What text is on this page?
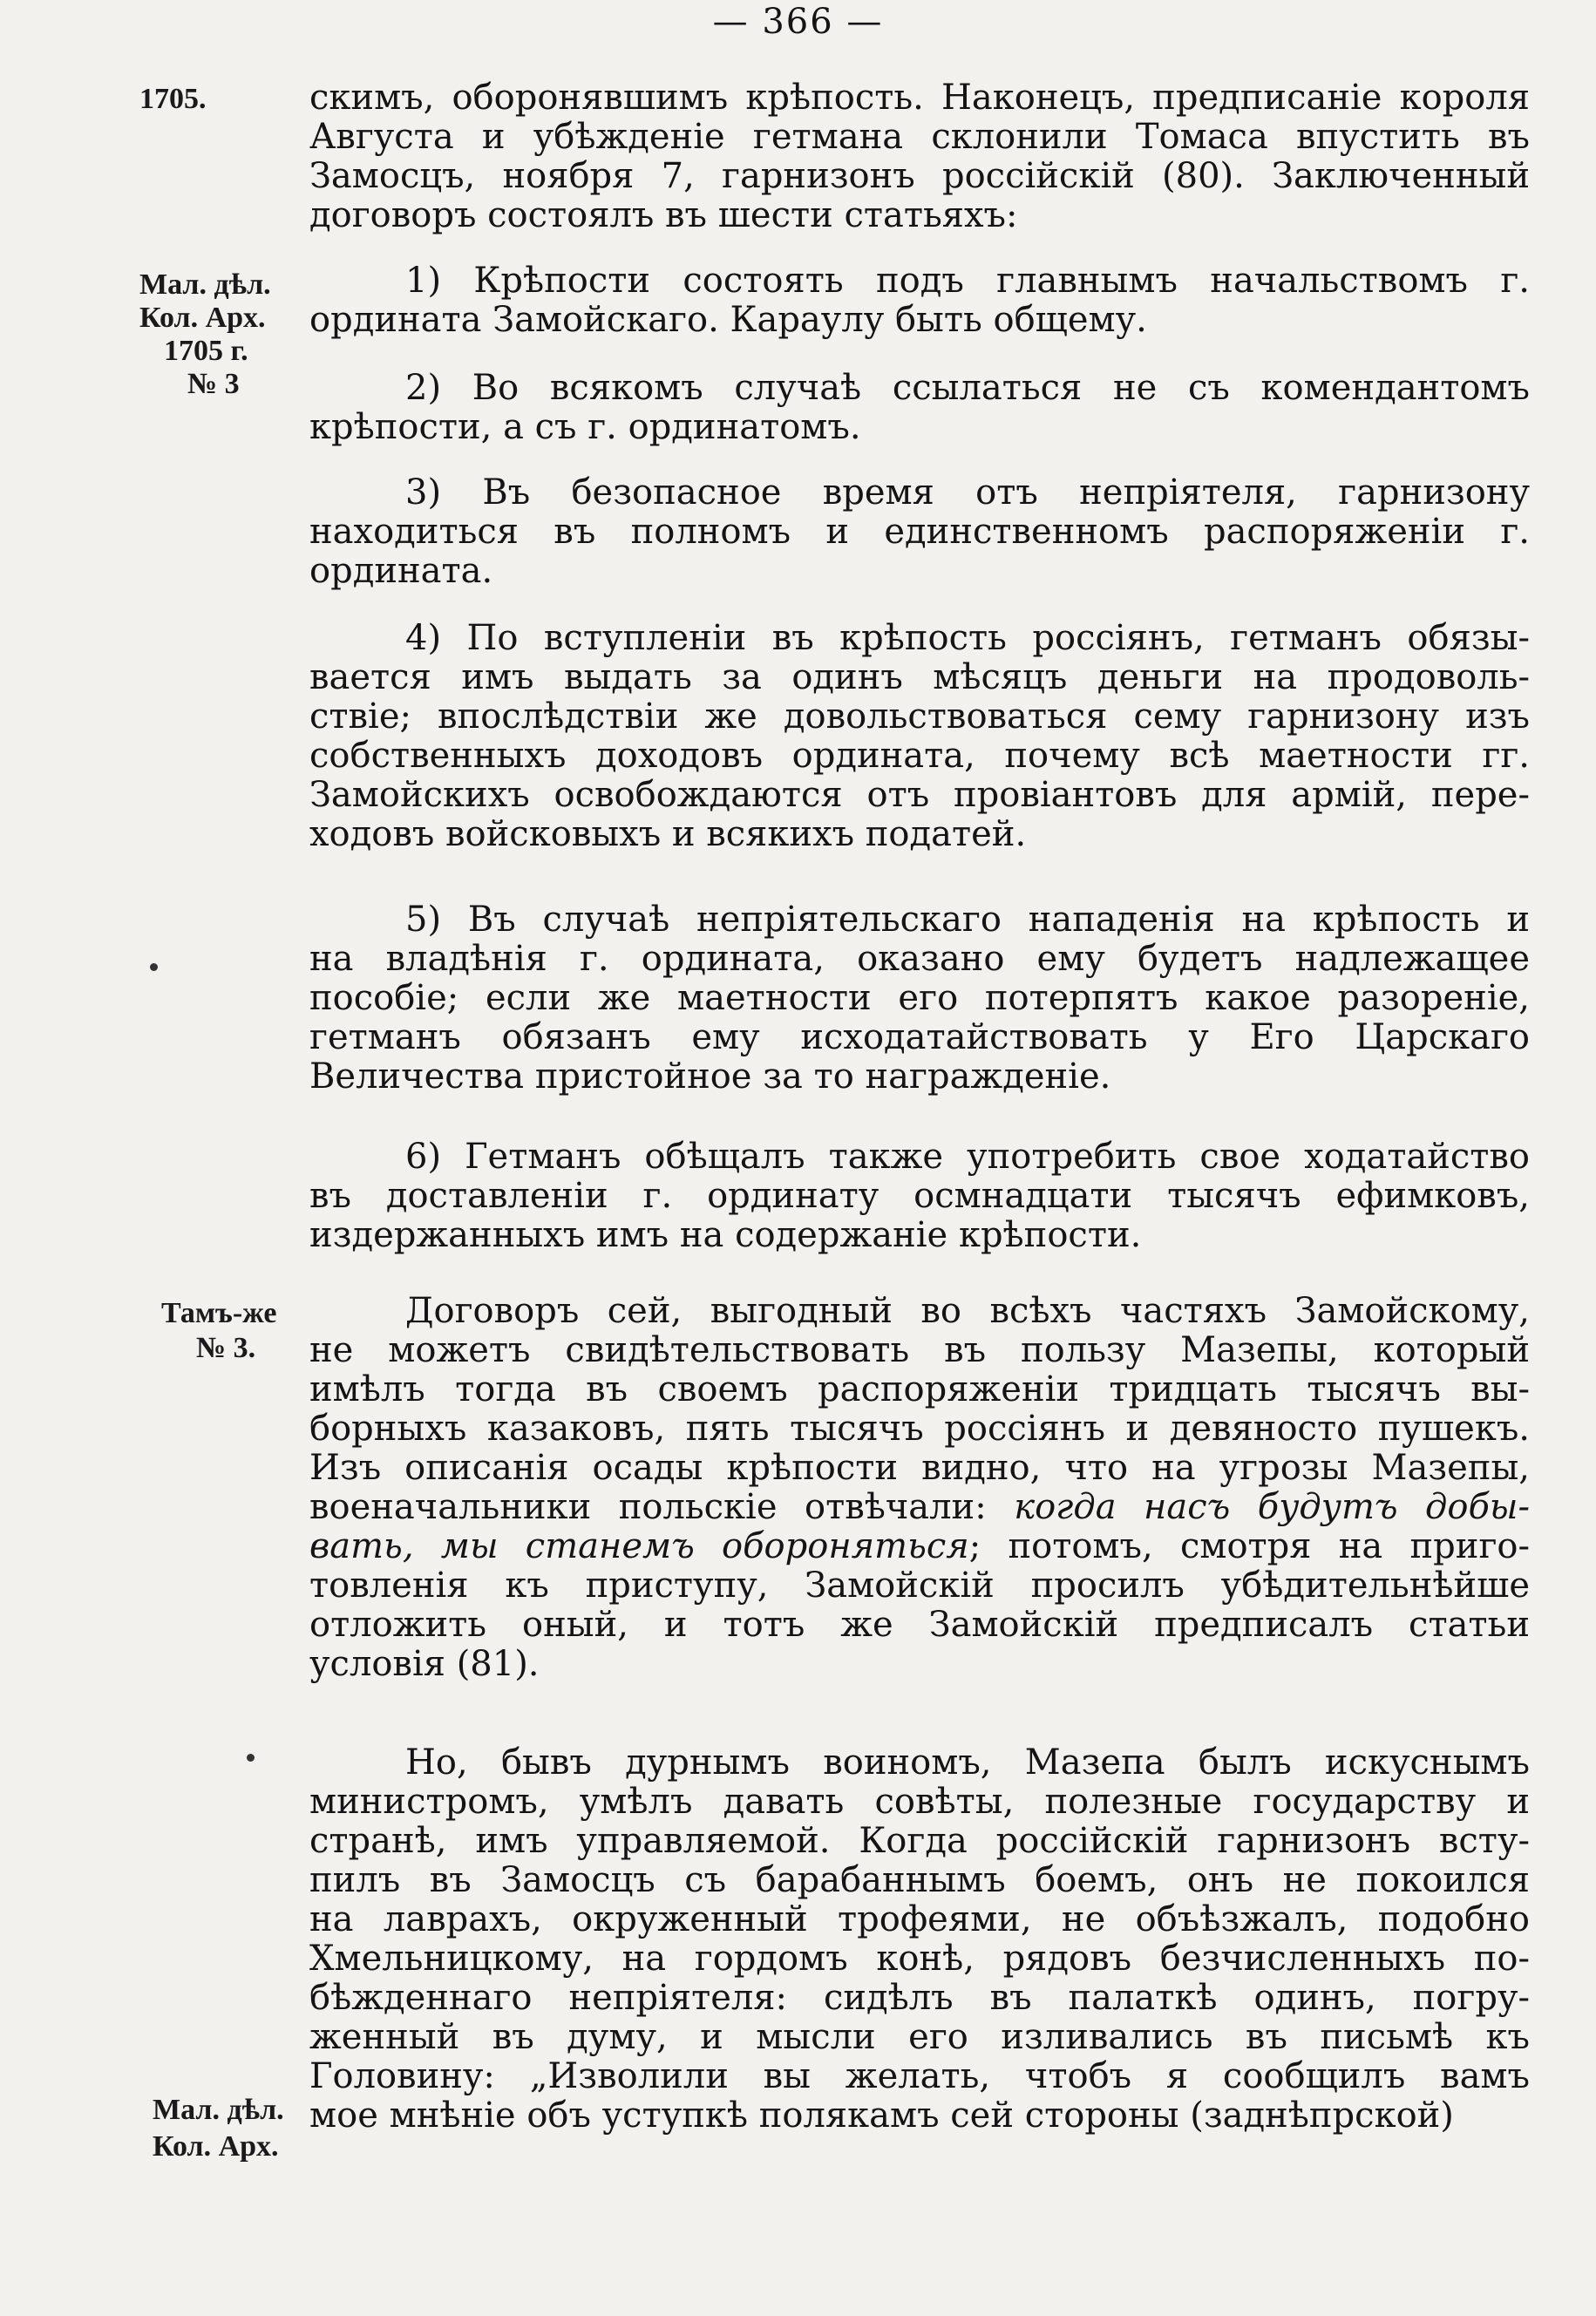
— 366 —
1705.
Мал. дѣл.
Кол. Арх.
1705 г.
№ 3
Тамъ-же
№ 3.
Мал. дѣл.
Кол. Арх.
скимъ, оборонявшимъ крѣпость. Наконецъ, предписаніе короля
Августа и убѣжденіе гетмана склонили Томаса впустить въ
Замосцъ, ноября 7, гарнизонъ россійскій (80). Заключенный
договоръ состоялъ въ шести статьяхъ:
1) Крѣпости состоять подъ главнымъ начальствомъ г.
ордината Замойскаго. Караулу быть общему.
2) Во всякомъ случаѣ ссылаться не съ комендантомъ
крѣпости, а съ г. ординатомъ.
3) Въ безопасное время отъ непріятеля, гарнизону
находиться въ полномъ и единственномъ распоряженіи г.
ордината.
4) По вступленіи въ крѣпость россіянъ, гетманъ обязы-
вается имъ выдать за одинъ мѣсяцъ деньги на продоволь-
ствіе; впослѣдствіи же довольствоваться сему гарнизону изъ
собственныхъ доходовъ ордината, почему всѣ маетности гг.
Замойскихъ освобождаются отъ провіантовъ для армій, пере-
ходовъ войсковыхъ и всякихъ податей.
5) Въ случаѣ непріятельскаго нападенія на крѣпость и
на владѣнія г. ордината, оказано ему будетъ надлежащее
пособіе; если же маетности его потерпятъ какое разореніе,
гетманъ обязанъ ему исходатайствовать у Его Царскаго
Величества пристойное за то награжденіе.
6) Гетманъ обѣщалъ также употребить свое ходатайство
въ доставленіи г. ординату осмнадцати тысячъ ефимковъ,
издержанныхъ имъ на содержаніе крѣпости.
Договоръ сей, выгодный во всѣхъ частяхъ Замойскому,
не можетъ свидѣтельствовать въ пользу Мазепы, который
имѣлъ тогда въ своемъ распоряженіи тридцать тысячъ вы-
борныхъ казаковъ, пять тысячъ россіянъ и девяносто пушекъ.
Изъ описанія осады крѣпости видно, что на угрозы Мазепы,
военачальники польскіе отвѣчали: когда насъ будутъ добы-
вать, мы станемъ обороняться; потомъ, смотря на приго-
товленія къ приступу, Замойскій просилъ убѣдительнѣйше
отложить оный, и тотъ же Замойскій предписалъ статьи
условія (81).
Но, бывъ дурнымъ воиномъ, Мазепа былъ искуснымъ
министромъ, умѣлъ давать совѣты, полезные государству и
странѣ, имъ управляемой. Когда россійскій гарнизонъ всту-
пилъ въ Замосцъ съ барабаннымъ боемъ, онъ не покоился
на лаврахъ, окруженный трофеями, не объѣзжалъ, подобно
Хмельницкому, на гордомъ конѣ, рядовъ безчисленныхъ по-
бѣжденнаго непріятеля: сидѣлъ въ палаткѣ одинъ, погру-
женный въ думу, и мысли его изливались въ письмѣ къ
Головину: „Изволили вы желать, чтобъ я сообщилъ вамъ
мое мнѣніе объ уступкѣ полякамъ сей стороны (заднѣпрской)
